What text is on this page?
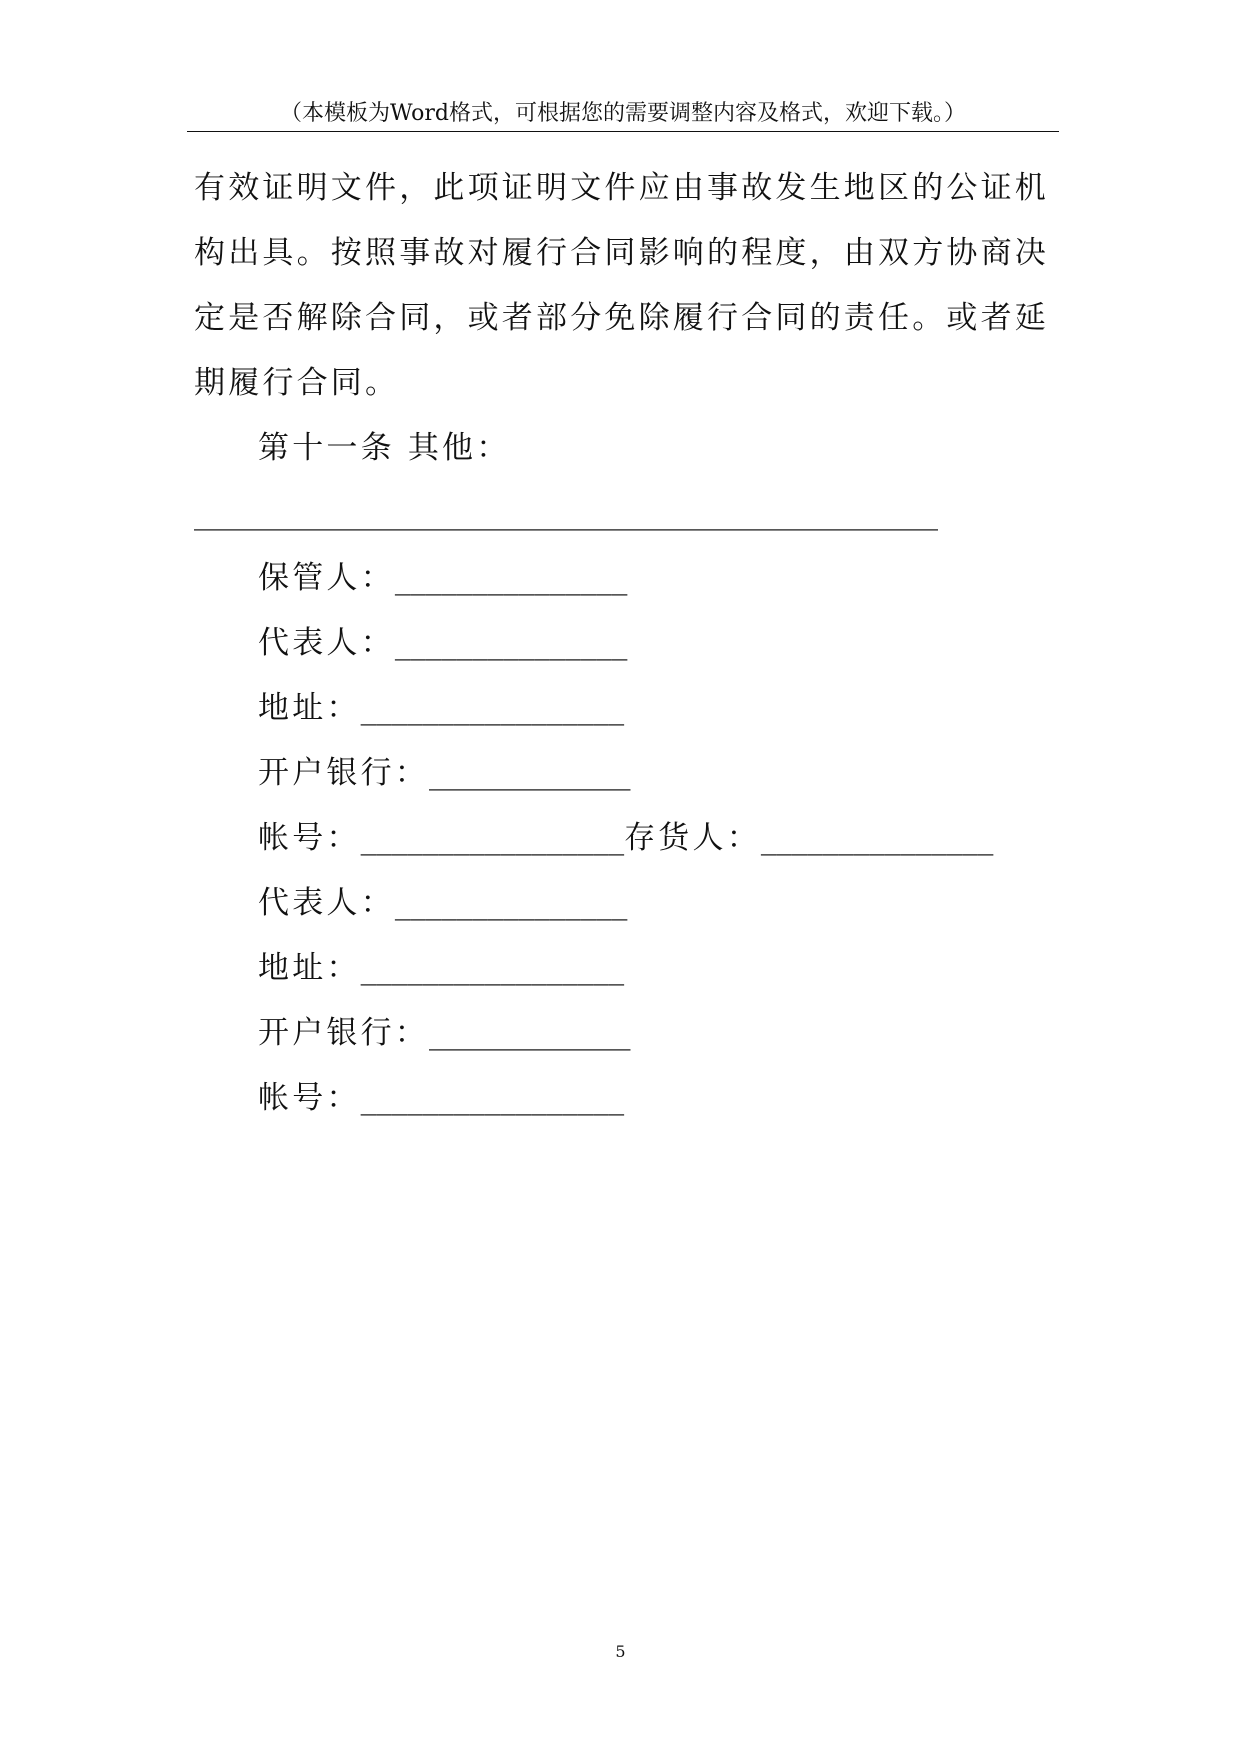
（本模板为Word格式，可根据您的需要调整内容及格式，欢迎下载。）

有效证明文件，此项证明文件应由事故发生地区的公证机构出具。按照事故对履行合同影响的程度，由双方协商决定是否解除合同，或者部分免除履行合同的责任。或者延期履行合同。

第十一条 其他：

________________________________________________

保管人：_______________

代表人：_______________

地址：_________________

开户银行：_____________

帐号：_________________存货人：_______________

代表人：_______________

地址：_________________

开户银行：_____________

帐号：_________________

5
